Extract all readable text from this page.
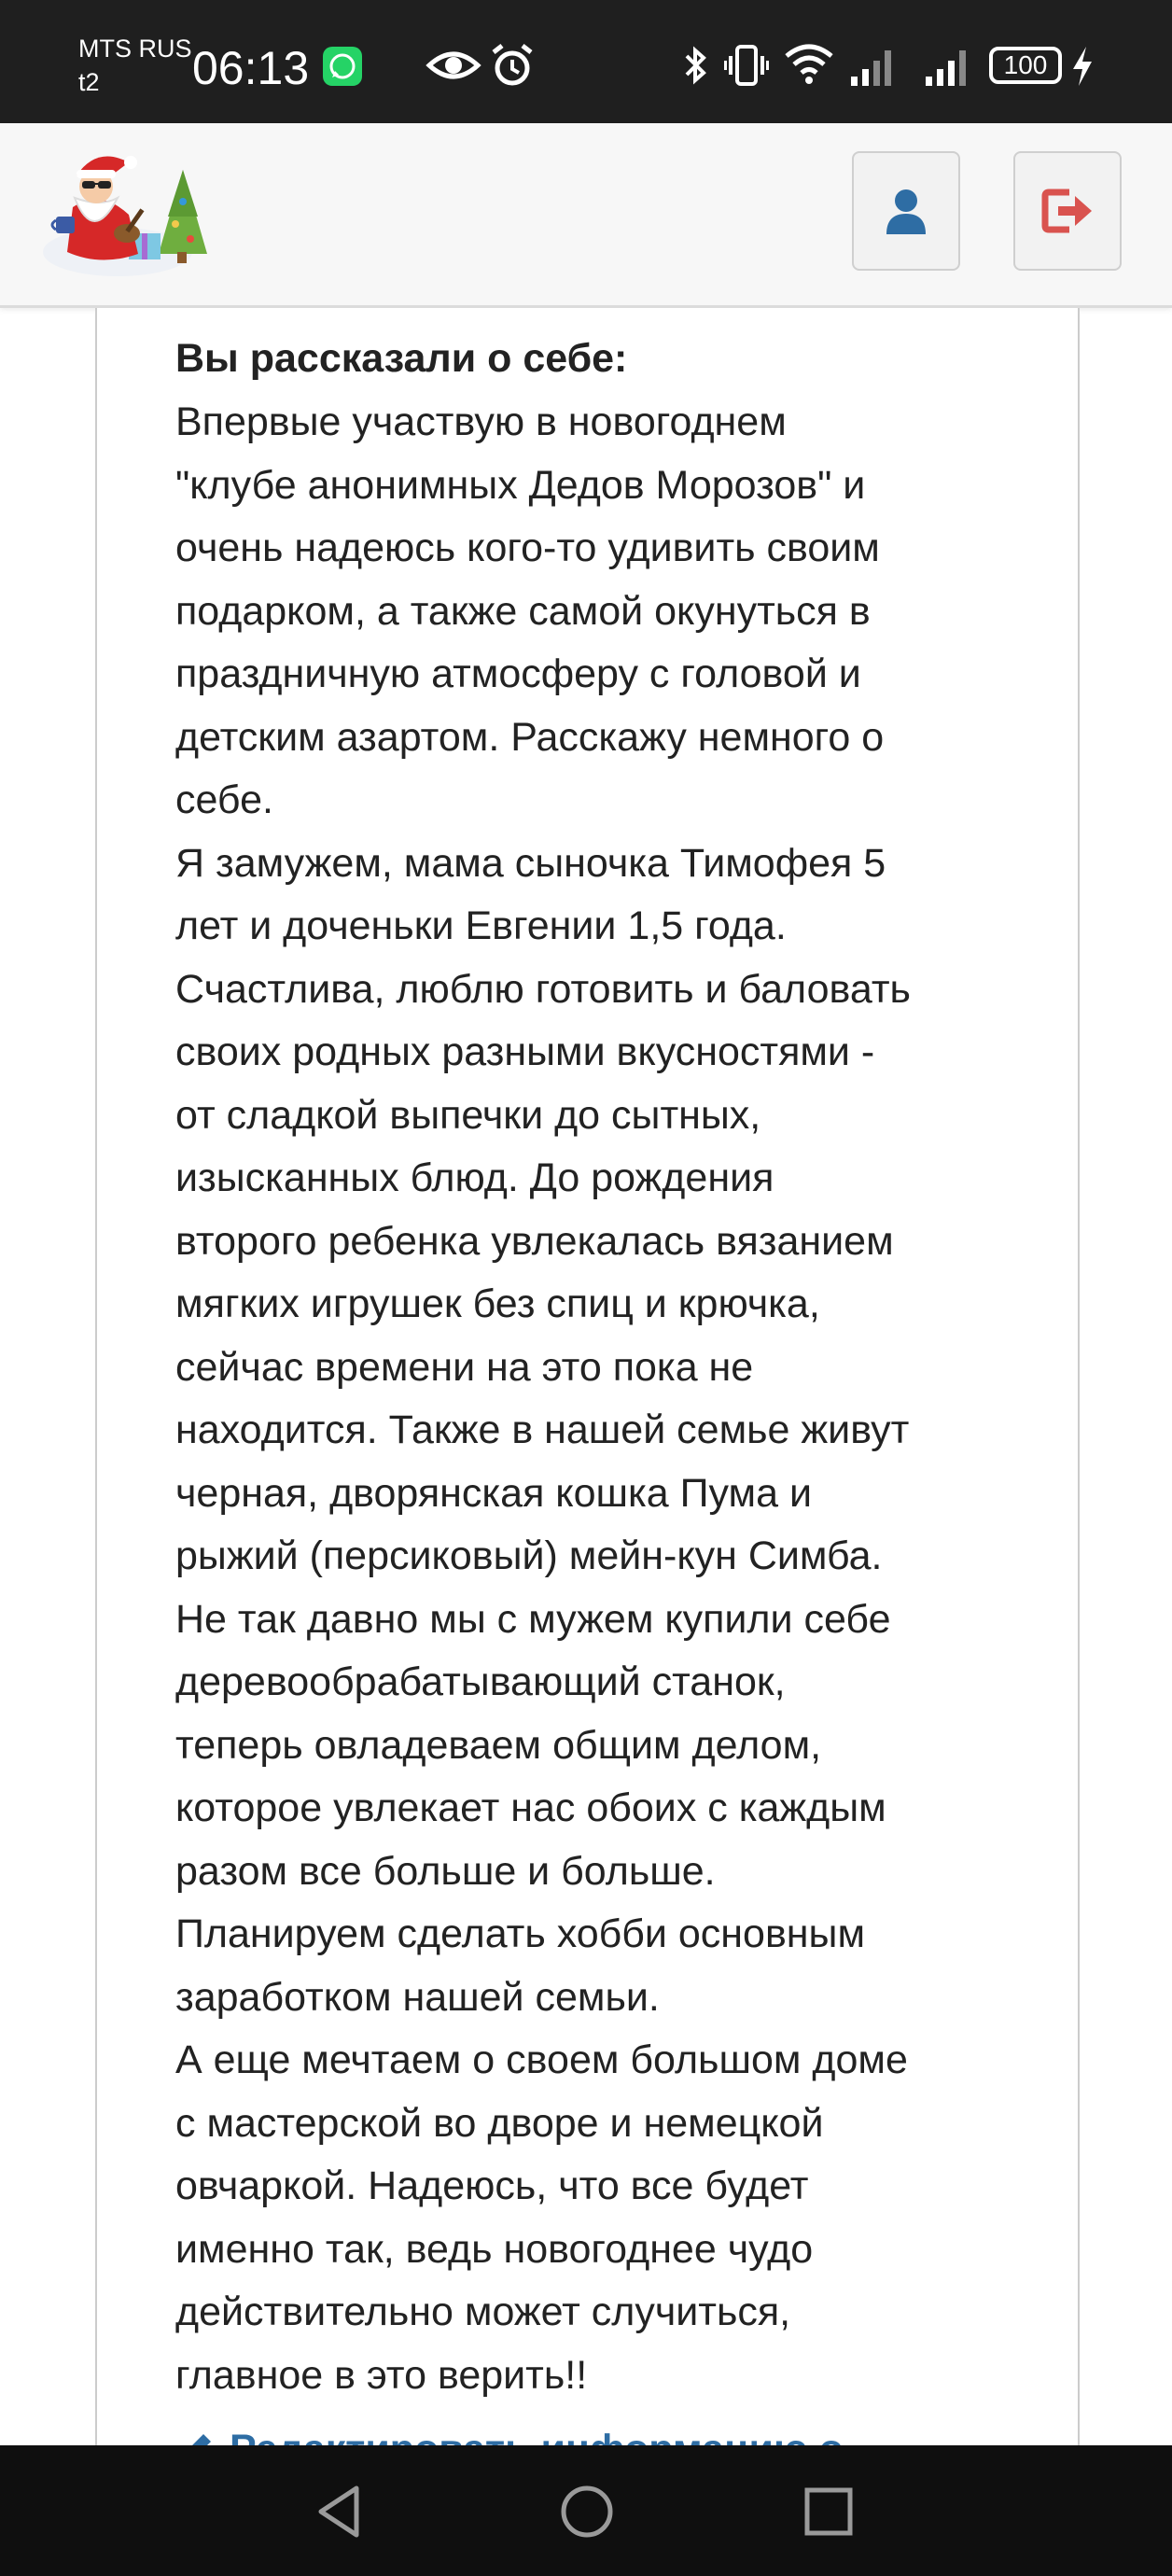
MTS RUS
t2	06:13	100
Вы рассказали о себе:
Впервые участвую в новогоднем
"клубе анонимных Дедов Морозов" и
очень надеюсь кого-то удивить своим
подарком, а также самой окунуться в
праздничную атмосферу с головой и
детским азартом. Расскажу немного о
себе.
Я замужем, мама сыночка Тимофея 5
лет и доченьки Евгении 1,5 года.
Счастлива, люблю готовить и баловать
своих родных разными вкусностями -
от сладкой выпечки до сытных,
изысканных блюд. До рождения
второго ребенка увлекалась вязанием
мягких игрушек без спиц и крючка,
сейчас времени на это пока не
находится. Также в нашей семье живут
черная, дворянская кошка Пума и
рыжий (персиковый) мейн-кун Симба.
Не так давно мы с мужем купили себе
деревообрабатывающий станок,
теперь овладеваем общим делом,
которое увлекает нас обоих с каждым
разом все больше и больше.
Планируем сделать хобби основным
заработком нашей семьи.
А еще мечтаем о своем большом доме
с мастерской во дворе и немецкой
овчаркой. Надеюсь, что все будет
именно так, ведь новогоднее чудо
действительно может случиться,
главное в это верить!!
